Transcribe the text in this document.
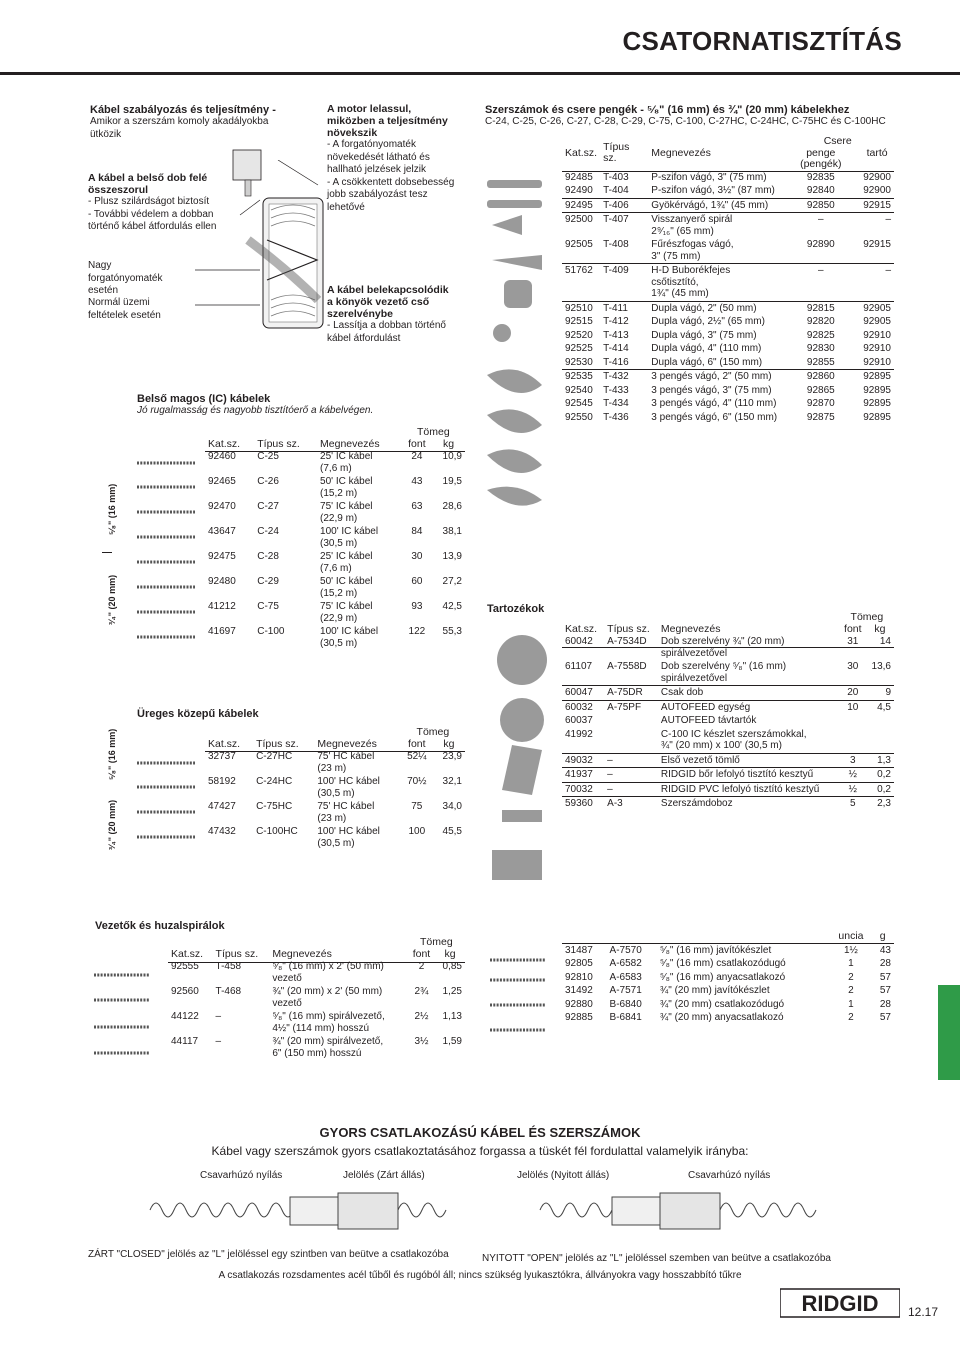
CSATORNATISZTÍTÁS
Kábel szabályozás és teljesítmény -
Amikor a szerszám komoly akadályokba ütközik
A kábel a belső dob felé összeszorul
- Plusz szilárdságot biztosít
- További védelem a dobban történő kábel átfordulás ellen
Nagy forgatónyomaték esetén
Normál üzemi feltételek esetén
A motor lelassul, miközben a teljesítmény növekszik
- A forgatónyomaték növekedését látható és hallható jelzések jelzik
- A csökkentett dobsebesség jobb szabályozást tesz lehetővé
A kábel belekapcsolódik a könyök vezető cső szerelvénybe
- Lassítja a dobban történő kábel átfordulást
Belső magos (IC) kábelek
Jó rugalmasság és nagyobb tisztítóerő a kábelvégen.
⁵⁄₈" (16 mm)
³⁄₄" (20 mm)
			Tömeg	
Kat.sz.	Típus sz.	Megnevezés	font	kg
92460	C-25	25' IC kábel
(7,6 m)	24	10,9
92465	C-26	50' IC kábel
(15,2 m)	43	19,5
92470	C-27	75' IC kábel
(22,9 m)	63	28,6
43647	C-24	100' IC kábel
(30,5 m)	84	38,1
92475	C-28	25' IC kábel
(7,6 m)	30	13,9
92480	C-29	50' IC kábel
(15,2 m)	60	27,2
41212	C-75	75' IC kábel
(22,9 m)	93	42,5
41697	C-100	100' IC kábel
(30,5 m)	122	55,3
Üreges közepű kábelek
⁵⁄₈" (16 mm)
³⁄₄" (20 mm)
			Tömeg	
Kat.sz.	Típus sz.	Megnevezés	font	kg
32737	C-27HC	75' HC kábel
(23 m)	52¼	23,9
58192	C-24HC	100' HC kábel
(30,5 m)	70½	32,1
47427	C-75HC	75' HC kábel
(23 m)	75	34,0
47432	C-100HC	100' HC kábel
(30,5 m)	100	45,5
Vezetők és huzalspirálok
			Tömeg	
Kat.sz.	Típus sz.	Megnevezés	font	kg
92555	T-458	⁵⁄₈" (16 mm) x 2' (50 mm)
vezető	2	0,85
92560	T-468	¾" (20 mm) x 2' (50 mm)
vezető	2¾	1,25
44122	–	⁵⁄₈" (16 mm) spirálvezető,
4½" (114 mm) hosszú	2½	1,13
44117	–	¾" (20 mm) spirálvezető,
6" (150 mm) hosszú	3½	1,59
Szerszámok és csere pengék - ⁵⁄₈" (16 mm) és ¾" (20 mm) kábelekhez
C-24, C-25, C-26, C-27, C-28, C-29, C-75, C-100, C-27HC, C-24HC, C-75HC és C-100HC
Kat.sz.	Típus sz.	Megnevezés	Csere	
			penge (pengék)	tartó
92485	T-403	P-szifon vágó, 3" (75 mm)	92835	92900
92490	T-404	P-szifon vágó, 3½" (87 mm)	92840	92900
92495	T-406	Gyökérvágó, 1¾" (45 mm)	92850	92915
92500	T-407	Visszanyerő spirál
2⁹⁄₁₆" (65 mm)	–	–
92505	T-408	Fűrészfogas vágó,
3" (75 mm)	92890	92915
51762	T-409	H-D Buborékfejes csőtisztító,
1¾" (45 mm)	–	–
92510	T-411	Dupla vágó, 2" (50 mm)	92815	92905
92515	T-412	Dupla vágó, 2½" (65 mm)	92820	92905
92520	T-413	Dupla vágó, 3" (75 mm)	92825	92910
92525	T-414	Dupla vágó, 4" (110 mm)	92830	92910
92530	T-416	Dupla vágó, 6" (150 mm)	92855	92910
92535	T-432	3 pengés vágó, 2" (50 mm)	92860	92895
92540	T-433	3 pengés vágó, 3" (75 mm)	92865	92895
92545	T-434	3 pengés vágó, 4" (110 mm)	92870	92895
92550	T-436	3 pengés vágó, 6" (150 mm)	92875	92895
Tartozékok
			Tömeg	
Kat.sz.	Típus sz.	Megnevezés	font	kg
60042	A-7534D	Dob szerelvény ¾" (20 mm)
spirálvezetővel	31	14
61107	A-7558D	Dob szerelvény ⁵⁄₈" (16 mm)
spirálvezetővel	30	13,6
60047	A-75DR	Csak dob	20	9
60032	A-75PF	AUTOFEED egység	10	4,5
60037		AUTOFEED távtartók		

41992		C-100 IC készlet szerszámokkal,
¾" (20 mm) x 100' (30,5 m)		

49032	–	Első vezető tömlő	3	1,3
41937	–	RIDGID bőr lefolyó tisztító kesztyű	½	0,2
70032	–	RIDGID PVC lefolyó tisztító kesztyű	½	0,2
59360	A-3	Szerszámdoboz	5	2,3
			uncia	g
31487	A-7570	⁵⁄₈" (16 mm) javítókészlet	1½	43
92805	A-6582	⁵⁄₈" (16 mm) csatlakozódugó	1	28
92810	A-6583	⁵⁄₈" (16 mm) anyacsatlakozó	2	57
31492	A-7571	¾" (20 mm) javítókészlet	2	57
92880	B-6840	¾" (20 mm) csatlakozódugó	1	28
92885	B-6841	¾" (20 mm) anyacsatlakozó	2	57
GYORS CSATLAKOZÁSÚ KÁBEL ÉS SZERSZÁMOK
Kábel vagy szerszámok gyors csatlakoztatásához forgassa a tüskét fél fordulattal valamelyik irányba:
Csavarhúzó nyílás	Jelölés (Zárt állás)	Jelölés (Nyitott állás)	Csavarhúzó nyílás
ZÁRT "CLOSED" jelölés az "L" jelöléssel egy szintben van beütve a csatlakozóba	NYITOTT "OPEN" jelölés az "L" jelöléssel szemben van beütve a csatlakozóba
A csatlakozás rozsdamentes acél tűből és rugóból áll; nincs szükség lyukasztókra, állványokra vagy hosszabbító tűkre
RIDGID 12.17
